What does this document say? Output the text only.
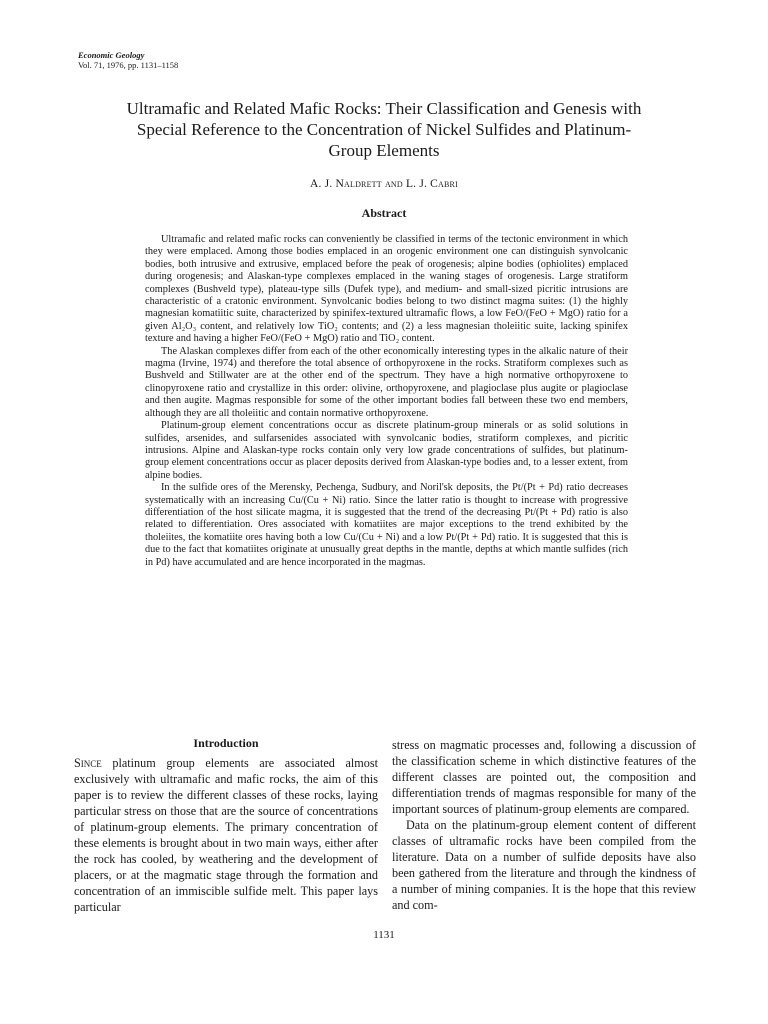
Economic Geology
Vol. 71, 1976, pp. 1131–1158
Ultramafic and Related Mafic Rocks: Their Classification and Genesis with Special Reference to the Concentration of Nickel Sulfides and Platinum-Group Elements
A. J. Naldrett and L. J. Cabri
Abstract

Ultramafic and related mafic rocks can conveniently be classified in terms of the tectonic environment in which they were emplaced. Among those bodies emplaced in an orogenic environment one can distinguish synvolcanic bodies, both intrusive and extrusive, emplaced before the peak of orogenesis; alpine bodies (ophiolites) emplaced during orogenesis; and Alaskan-type complexes emplaced in the waning stages of orogenesis. Large stratiform complexes (Bushveld type), plateau-type sills (Dufek type), and medium- and small-sized picritic intrusions are characteristic of a cratonic environment. Synvolcanic bodies belong to two distinct magma suites: (1) the highly magnesian komatiitic suite, characterized by spinifex-textured ultramafic flows, a low FeO/(FeO + MgO) ratio for a given Al₂O₃ content, and relatively low TiO₂ contents; and (2) a less magnesian tholeiitic suite, lacking spinifex texture and having a higher FeO/(FeO + MgO) ratio and TiO₂ content.

The Alaskan complexes differ from each of the other economically interesting types in the alkalic nature of their magma (Irvine, 1974) and therefore the total absence of orthopyroxene in the rocks. Stratiform complexes such as Bushveld and Stillwater are at the other end of the spectrum. They have a high normative orthopyroxene to clinopyroxene ratio and crystallize in this order: olivine, orthopyroxene, and plagioclase plus augite or plagioclase and then augite. Magmas responsible for some of the other important bodies fall between these two end members, although they are all tholeiitic and contain normative orthopyroxene.

Platinum-group element concentrations occur as discrete platinum-group minerals or as solid solutions in sulfides, arsenides, and sulfarsenides associated with synvolcanic bodies, stratiform complexes, and picritic intrusions. Alpine and Alaskan-type rocks contain only very low grade concentrations of sulfides, but platinum-group element concentrations occur as placer deposits derived from Alaskan-type bodies and, to a lesser extent, from alpine bodies.

In the sulfide ores of the Merensky, Pechenga, Sudbury, and Noril'sk deposits, the Pt/(Pt + Pd) ratio decreases systematically with an increasing Cu/(Cu + Ni) ratio. Since the latter ratio is thought to increase with progressive differentiation of the host silicate magma, it is suggested that the trend of the decreasing Pt/(Pt + Pd) ratio is also related to differentiation. Ores associated with komatiites are major exceptions to the trend exhibited by the tholeiites, the komatiite ores having both a low Cu/(Cu + Ni) and a low Pt/(Pt + Pd) ratio. It is suggested that this is due to the fact that komatiites originate at unusually great depths in the mantle, depths at which mantle sulfides (rich in Pd) have accumulated and are hence incorporated in the magmas.

Introduction

Since platinum group elements are associated almost exclusively with ultramafic and mafic rocks, the aim of this paper is to review the different classes of these rocks, laying particular stress on those that are the source of concentrations of platinum-group elements. The primary concentration of these elements is brought about in two main ways, either after the rock has cooled, by weathering and the development of placers, or at the magmatic stage through the formation and concentration of an immiscible sulfide melt. This paper lays particular

stress on magmatic processes and, following a discussion of the classification scheme in which distinctive features of the different classes are pointed out, the composition and differentiation trends of magmas responsible for many of the important sources of platinum-group elements are compared.

Data on the platinum-group element content of different classes of ultramafic rocks have been compiled from the literature. Data on a number of sulfide deposits have also been gathered from the literature and through the kindness of a number of mining companies. It is the hope that this review and com-

1131
